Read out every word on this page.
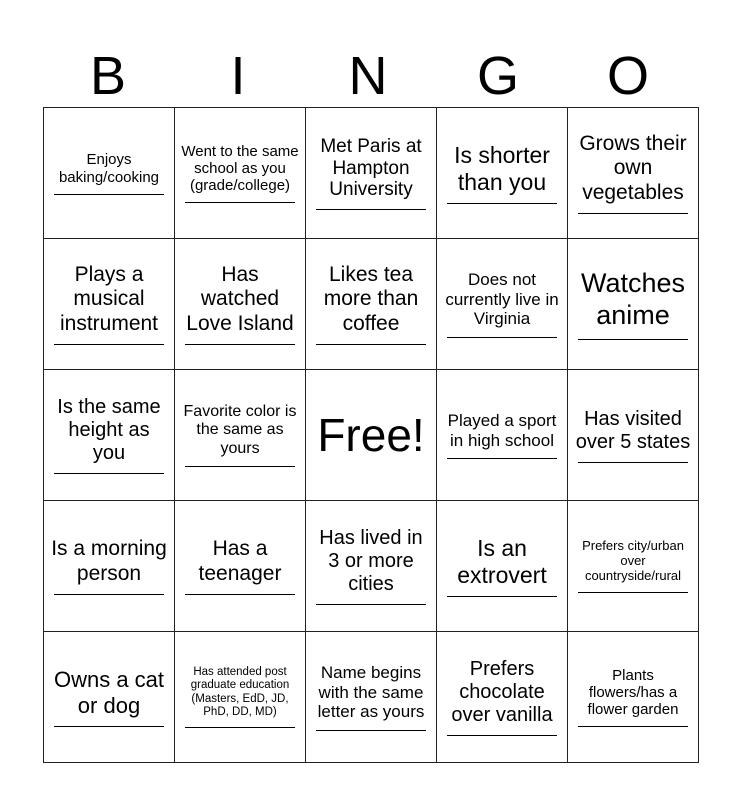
B	I	N	G	O
Enjoys baking/cooking	Went to the same school as you (grade/college)	Met Paris at Hampton University	Is shorter than you	Grows their own vegetables

Plays a musical instrument	Has watched Love Island	Likes tea more than coffee	Does not currently live in Virginia	Watches anime

Is the same height as you	Favorite color is the same as yours	Free!	Played a sport in high school	Has visited over 5 states

Is a morning person	Has a teenager	Has lived in 3 or more cities	Is an extrovert	Prefers city/urban over countryside/rural

Owns a cat or dog	Has attended post graduate education (Masters, EdD, JD, PhD, DD, MD)	Name begins with the same letter as yours	Prefers chocolate over vanilla	Plants flowers/has a flower garden
